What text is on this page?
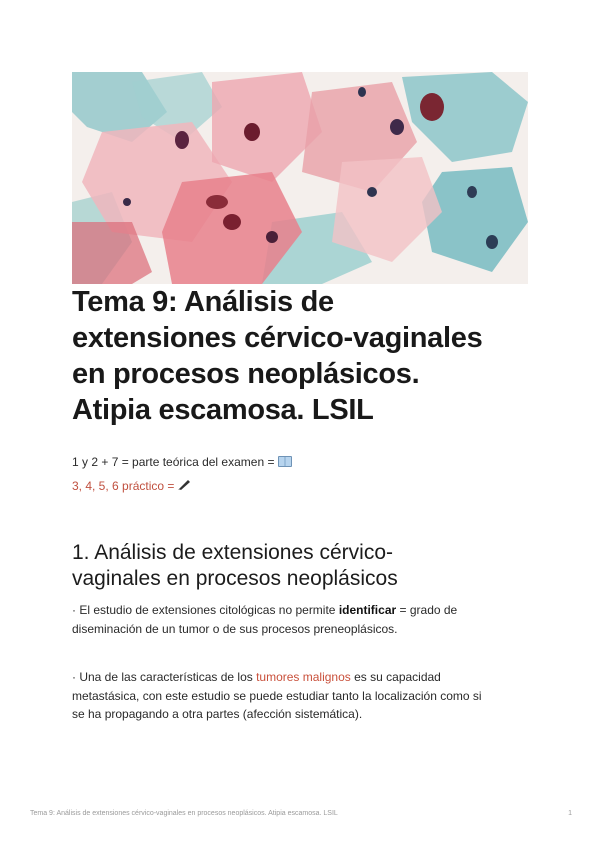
Tema 9: Análisis de
extensiones cérvico-vaginales
en procesos neoplásicos.
Atipia escamosa. LSIL
1 y 2 + 7 = parte teórica del examen =
3, 4, 5, 6 práctico =
1. Análisis de extensiones cérvico-
vaginales en procesos neoplásicos
· El estudio de extensiones citológicas no permite identificar = grado de
diseminación de un tumor o de sus procesos preneoplásicos.
· Una de las características de los tumores malignos es su capacidad
metastásica, con este estudio se puede estudiar tanto la localización como si
se ha propagando a otra partes (afección sistemática).
Tema 9: Análisis de extensiones cérvico-vaginales en procesos neoplásicos. Atipia escamosa. LSIL	1
